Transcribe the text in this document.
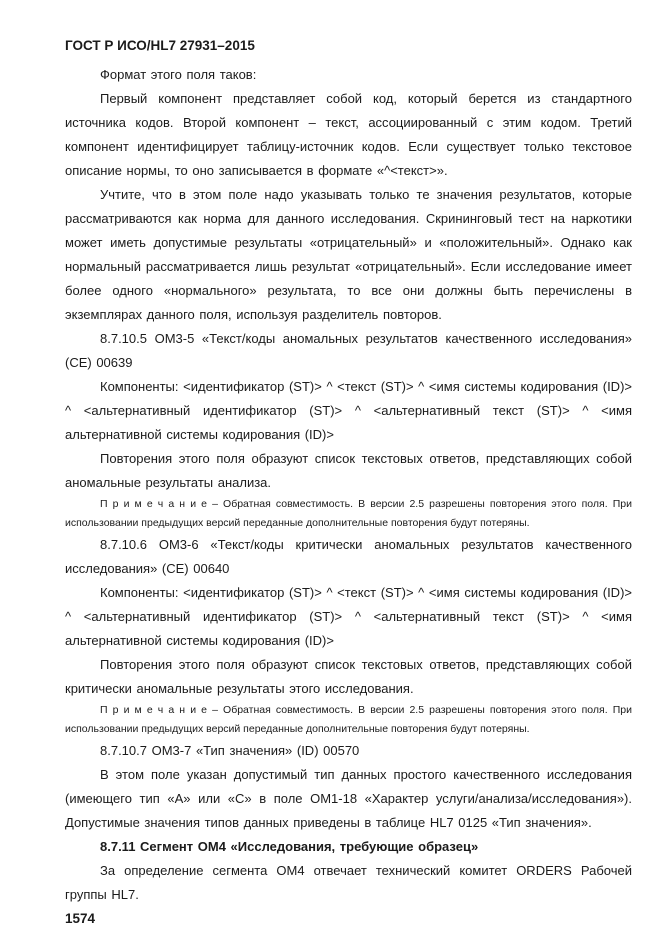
ГОСТ Р ИСО/HL7 27931–2015

Формат этого поля таков:

Первый компонент представляет собой код, который берется из стандартного источника кодов. Второй компонент – текст, ассоциированный с этим кодом. Третий компонент идентифицирует таблицу-источник кодов. Если существует только текстовое описание нормы, то оно записывается в формате «^<текст>».

Учтите, что в этом поле надо указывать только те значения результатов, которые рассматриваются как норма для данного исследования. Скрининговый тест на наркотики может иметь допустимые результаты «отрицательный» и «положительный». Однако как нормальный рассматривается лишь результат «отрицательный». Если исследование имеет более одного «нормального» результата, то все они должны быть перечислены в экземплярах данного поля, используя разделитель повторов.

8.7.10.5 OM3-5 «Текст/коды аномальных результатов качественного исследования» (CE) 00639

Компоненты: <идентификатор (ST)> ^ <текст (ST)> ^ <имя системы кодирования (ID)> ^ <альтернативный идентификатор (ST)> ^ <альтернативный текст (ST)> ^ <имя альтернативной системы кодирования (ID)>

Повторения этого поля образуют список текстовых ответов, представляющих собой аномальные результаты анализа.

П р и м е ч а н и е – Обратная совместимость. В версии 2.5 разрешены повторения этого поля. При использовании предыдущих версий переданные дополнительные повторения будут потеряны.

8.7.10.6 OM3-6 «Текст/коды критически аномальных результатов качественного исследования» (CE) 00640

Компоненты: <идентификатор (ST)> ^ <текст (ST)> ^ <имя системы кодирования (ID)> ^ <альтернативный идентификатор (ST)> ^ <альтернативный текст (ST)> ^ <имя альтернативной системы кодирования (ID)>

Повторения этого поля образуют список текстовых ответов, представляющих собой критически аномальные результаты этого исследования.

П р и м е ч а н и е – Обратная совместимость. В версии 2.5 разрешены повторения этого поля. При использовании предыдущих версий переданные дополнительные повторения будут потеряны.

8.7.10.7 OM3-7 «Тип значения» (ID) 00570

В этом поле указан допустимый тип данных простого качественного исследования (имеющего тип «A» или «C» в поле OM1-18 «Характер услуги/анализа/исследования»). Допустимые значения типов данных приведены в таблице HL7 0125 «Тип значения».

8.7.11 Сегмент OM4 «Исследования, требующие образец»

За определение сегмента OM4 отвечает технический комитет ORDERS Рабочей группы HL7.

1574
